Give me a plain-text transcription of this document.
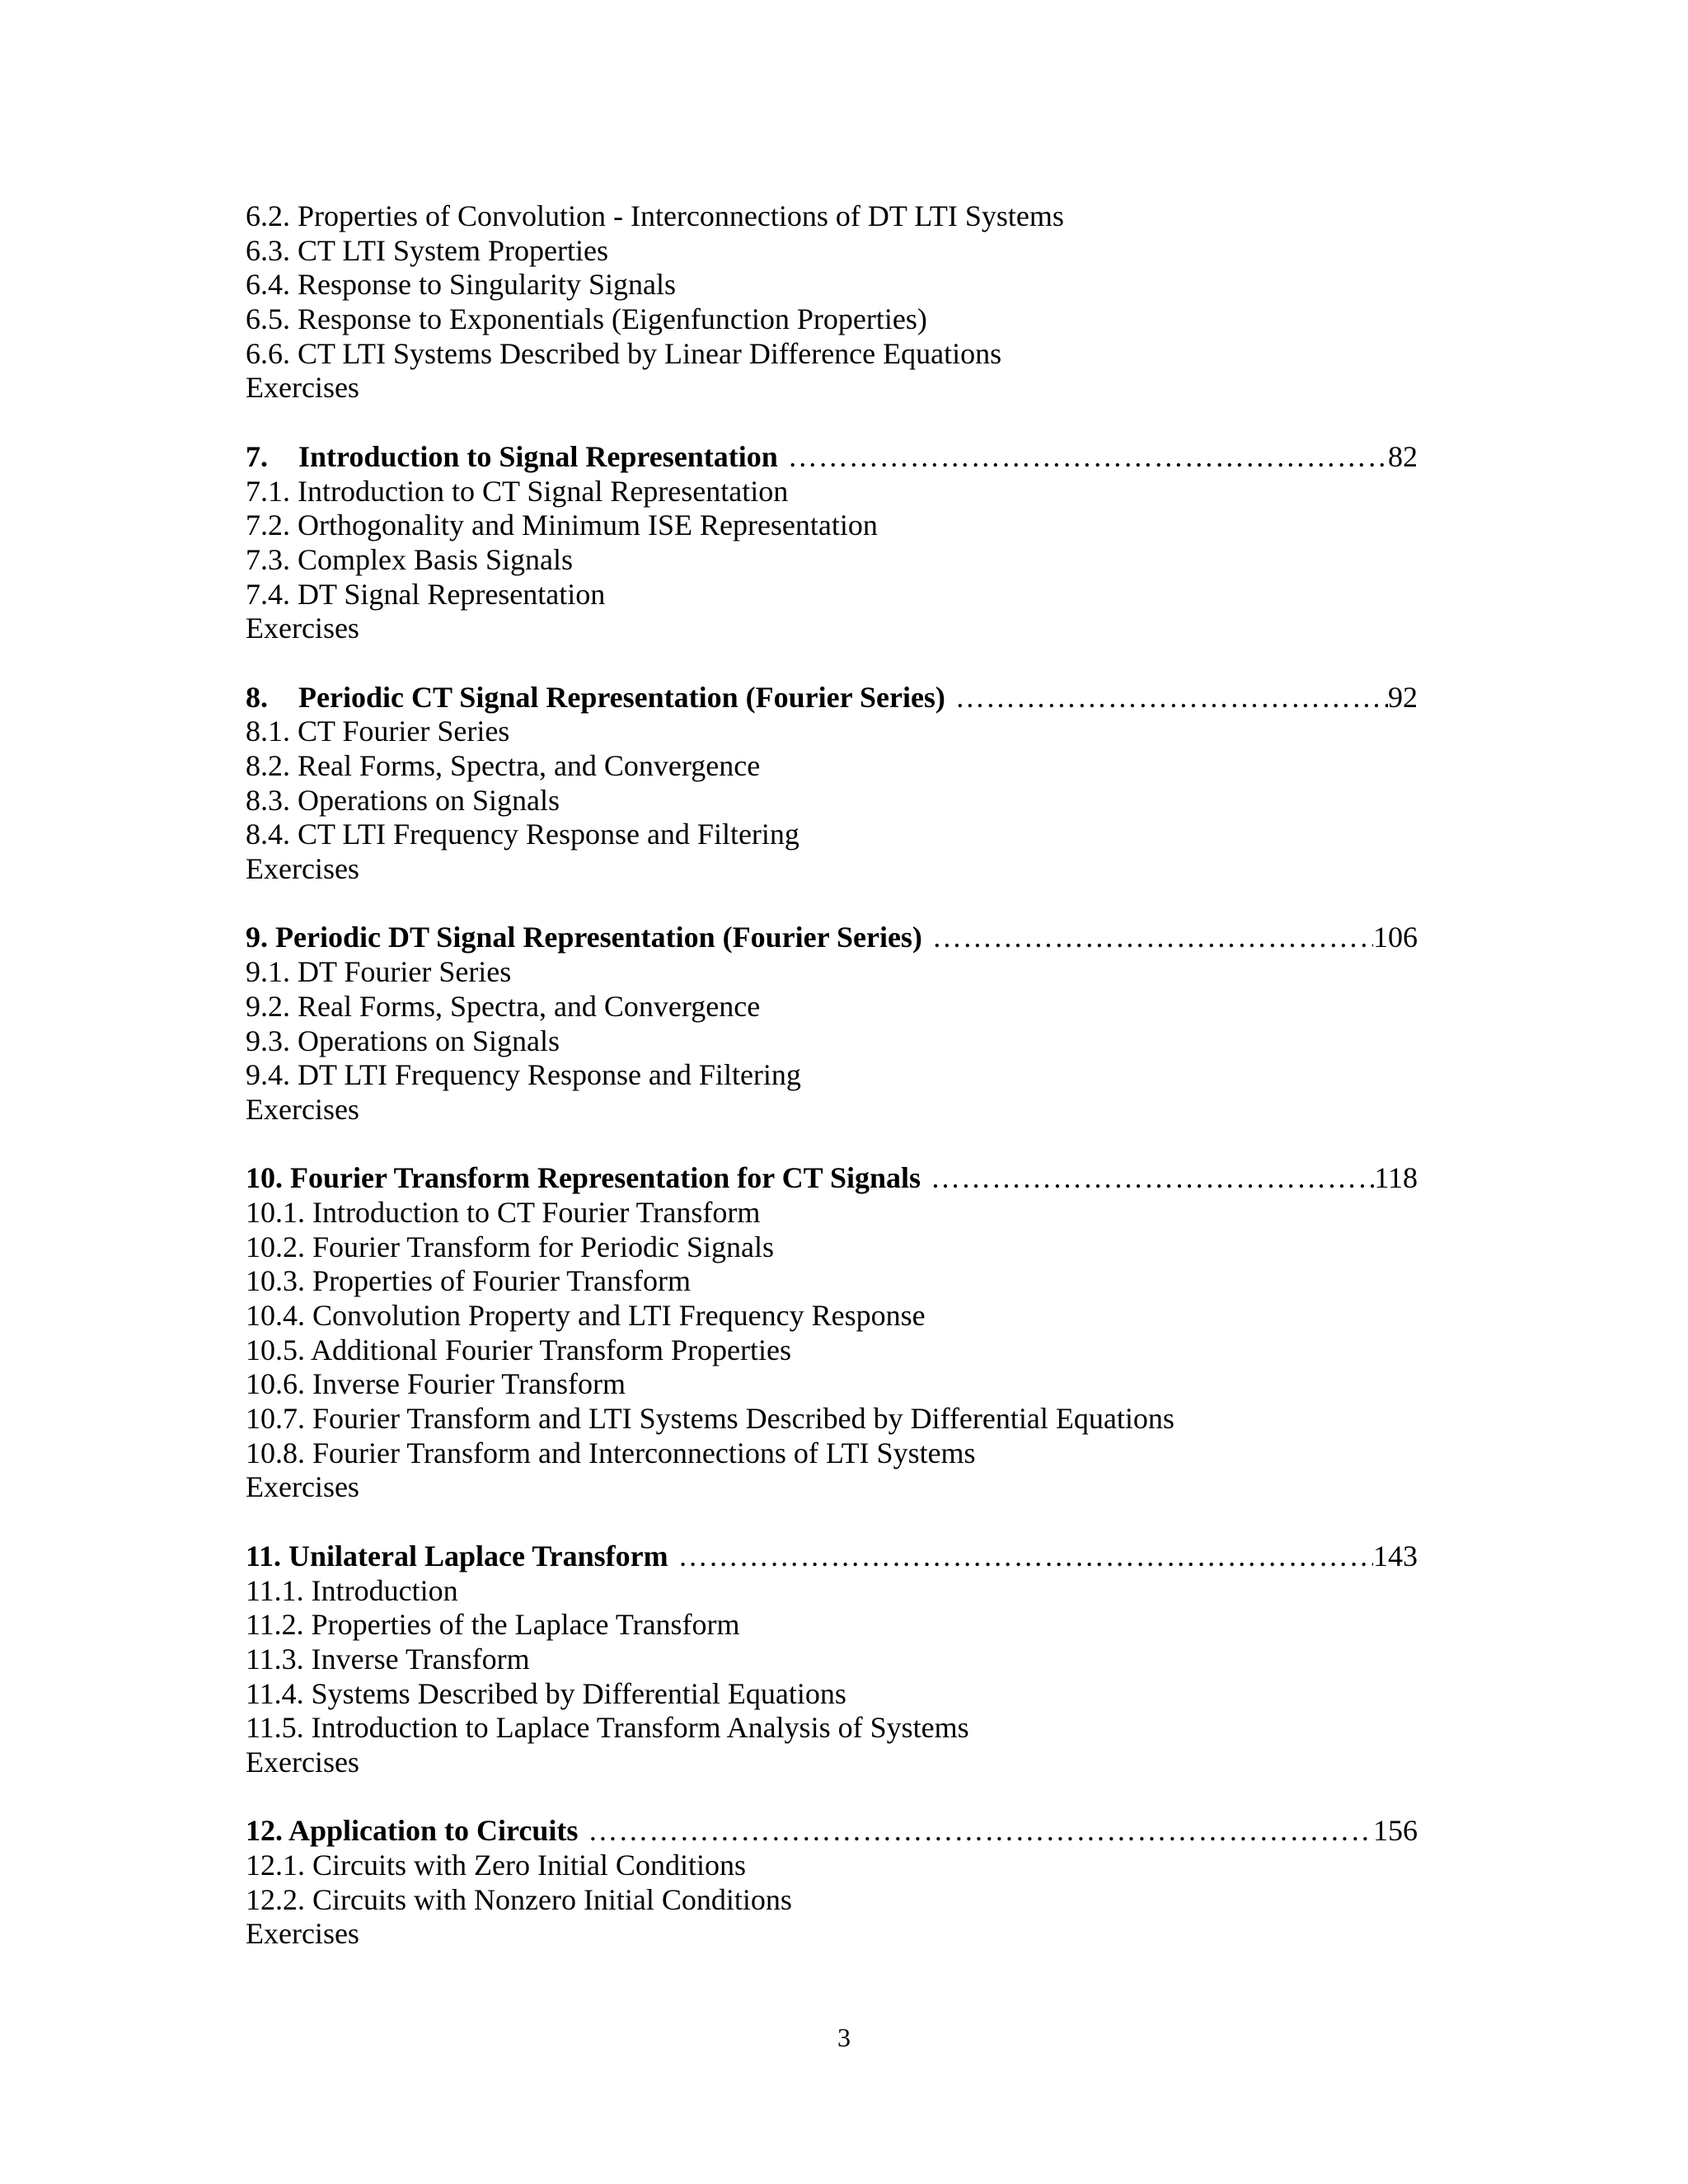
6.2. Properties of Convolution - Interconnections of DT LTI Systems
6.3. CT LTI System Properties
6.4. Response to Singularity Signals
6.5. Response to Exponentials (Eigenfunction Properties)
6.6. CT LTI Systems Described by Linear Difference Equations
Exercises
7. Introduction to Signal Representation …………………………………………………………………………………………………………………………………………………………………………………………	82
7.1. Introduction to CT Signal Representation
7.2. Orthogonality and Minimum ISE Representation
7.3. Complex Basis Signals
7.4. DT Signal Representation
Exercises
8. Periodic CT Signal Representation (Fourier Series) …………………………………………………………………………………………………………………………………………………………………………………………	92
8.1. CT Fourier Series
8.2. Real Forms, Spectra, and Convergence
8.3. Operations on Signals
8.4. CT LTI Frequency Response and Filtering
Exercises
9. Periodic DT Signal Representation (Fourier Series) …………………………………………………………………………………………………………………………………………………………………………………………	106
9.1. DT Fourier Series
9.2. Real Forms, Spectra, and Convergence
9.3. Operations on Signals
9.4. DT LTI Frequency Response and Filtering
Exercises
10. Fourier Transform Representation for CT Signals …………………………………………………………………………………………………………………………………………………………………………………………	118
10.1. Introduction to CT Fourier Transform
10.2. Fourier Transform for Periodic Signals
10.3. Properties of Fourier Transform
10.4. Convolution Property and LTI Frequency Response
10.5. Additional Fourier Transform Properties
10.6. Inverse Fourier Transform
10.7. Fourier Transform and LTI Systems Described by Differential Equations
10.8. Fourier Transform and Interconnections of LTI Systems
Exercises
11. Unilateral Laplace Transform …………………………………………………………………………………………………………………………………………………………………………………………	143
11.1. Introduction
11.2. Properties of the Laplace Transform
11.3. Inverse Transform
11.4. Systems Described by Differential Equations
11.5. Introduction to Laplace Transform Analysis of Systems
Exercises
12. Application to Circuits …………………………………………………………………………………………………………………………………………………………………………………………	156
12.1. Circuits with Zero Initial Conditions
12.2. Circuits with Nonzero Initial Conditions
Exercises
3
